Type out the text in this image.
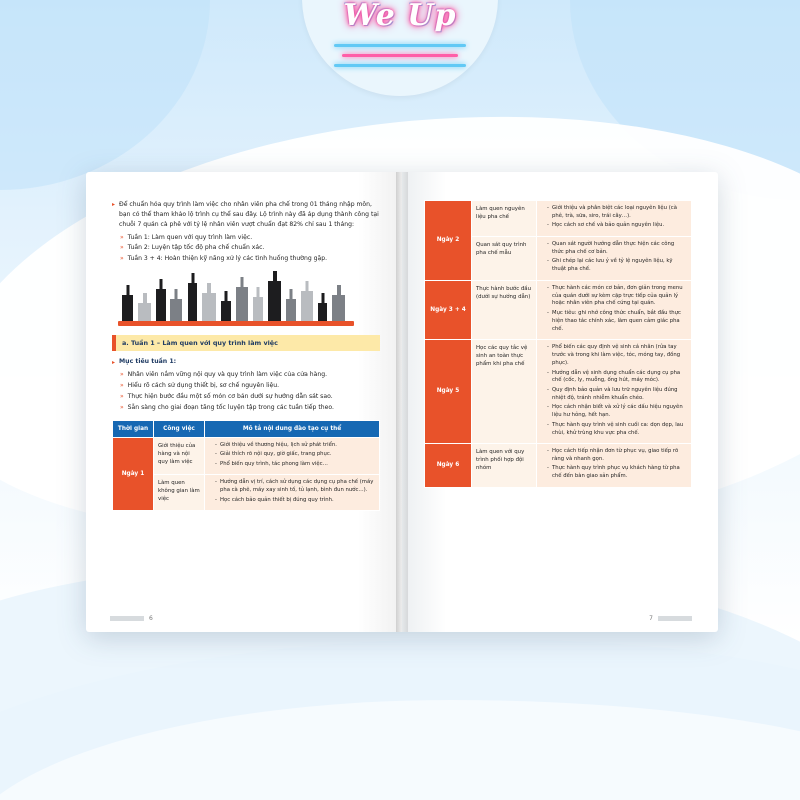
We Up
▸ Để chuẩn hóa quy trình làm việc cho nhân viên pha chế trong 01 tháng nhập môn, bạn có thể tham khảo lộ trình cụ thể sau đây. Lộ trình này đã áp dụng thành công tại chuỗi 7 quán cà phê với tỷ lệ nhân viên vượt chuẩn đạt 82% chỉ sau 1 tháng:
» Tuần 1: Làm quen với quy trình làm việc.
» Tuần 2: Luyện tập tốc độ pha chế chuẩn xác.
» Tuần 3 + 4: Hoàn thiện kỹ năng xử lý các tình huống thường gặp.
a. Tuần 1 – Làm quen với quy trình làm việc
▸ Mục tiêu tuần 1:
» Nhân viên nắm vững nội quy và quy trình làm việc của cửa hàng.
» Hiểu rõ cách sử dụng thiết bị, sơ chế nguyên liệu.
» Thực hiện bước đầu một số món cơ bản dưới sự hướng dẫn sát sao.
» Sẵn sàng cho giai đoạn tăng tốc luyện tập trong các tuần tiếp theo.
Thời gian	Công việc	Mô tả nội dung đào tạo cụ thể
Ngày 1	Giới thiệu của hàng và nội quy làm việc	
- Giới thiệu về thương hiệu, lịch sử phát triển.
- Giải thích rõ nội quy, giờ giấc, trang phục.
- Phổ biến quy trình, tác phong làm việc…

Làm quen không gian làm việc	
- Hướng dẫn vị trí, cách sử dụng các dụng cụ pha chế (máy pha cà phê, máy xay sinh tố, tủ lạnh, bình đun nước…).
- Học cách bảo quản thiết bị đúng quy trình.
6
Ngày 2	Làm quen nguyên liệu pha chế	
- Giới thiệu và phân biệt các loại nguyên liệu (cà phê, trà, sữa, siro, trái cây…).
- Học cách sơ chế và bảo quản nguyên liệu.

Quan sát quy trình pha chế mẫu	
- Quan sát người hướng dẫn thực hiện các công thức pha chế cơ bản.
- Ghi chép lại các lưu ý về tỷ lệ nguyên liệu, kỹ thuật pha chế.

Ngày 3 + 4	Thực hành bước đầu (dưới sự hướng dẫn)	
- Thực hành các món cơ bản, đơn giản trong menu của quán dưới sự kèm cặp trực tiếp của quản lý hoặc nhân viên pha chế cứng tại quán.
- Mục tiêu: ghi nhớ công thức chuẩn, bắt đầu thực hiện thao tác chính xác, làm quen cảm giác pha chế.

Ngày 5	Học các quy tắc vệ sinh an toàn thực phẩm khi pha chế	
- Phổ biến các quy định vệ sinh cá nhân (rửa tay trước và trong khi làm việc, tóc, móng tay, đồng phục).
- Hướng dẫn vệ sinh dụng chuẩn các dụng cụ pha chế (cốc, ly, muỗng, ống hút, máy móc).
- Quy định bảo quản và lưu trữ nguyên liệu đúng nhiệt độ, tránh nhiễm khuẩn chéo.
- Học cách nhận biết và xử lý các dấu hiệu nguyên liệu hư hỏng, hết hạn.
- Thực hành quy trình vệ sinh cuối ca: dọn dẹp, lau chùi, khử trùng khu vực pha chế.

Ngày 6	Làm quen với quy trình phối hợp đội nhóm	
- Học cách tiếp nhận đơn từ phục vụ, giao tiếp rõ ràng và nhanh gọn.
- Thực hành quy trình phục vụ khách hàng từ pha chế đến bàn giao sản phẩm.
7
